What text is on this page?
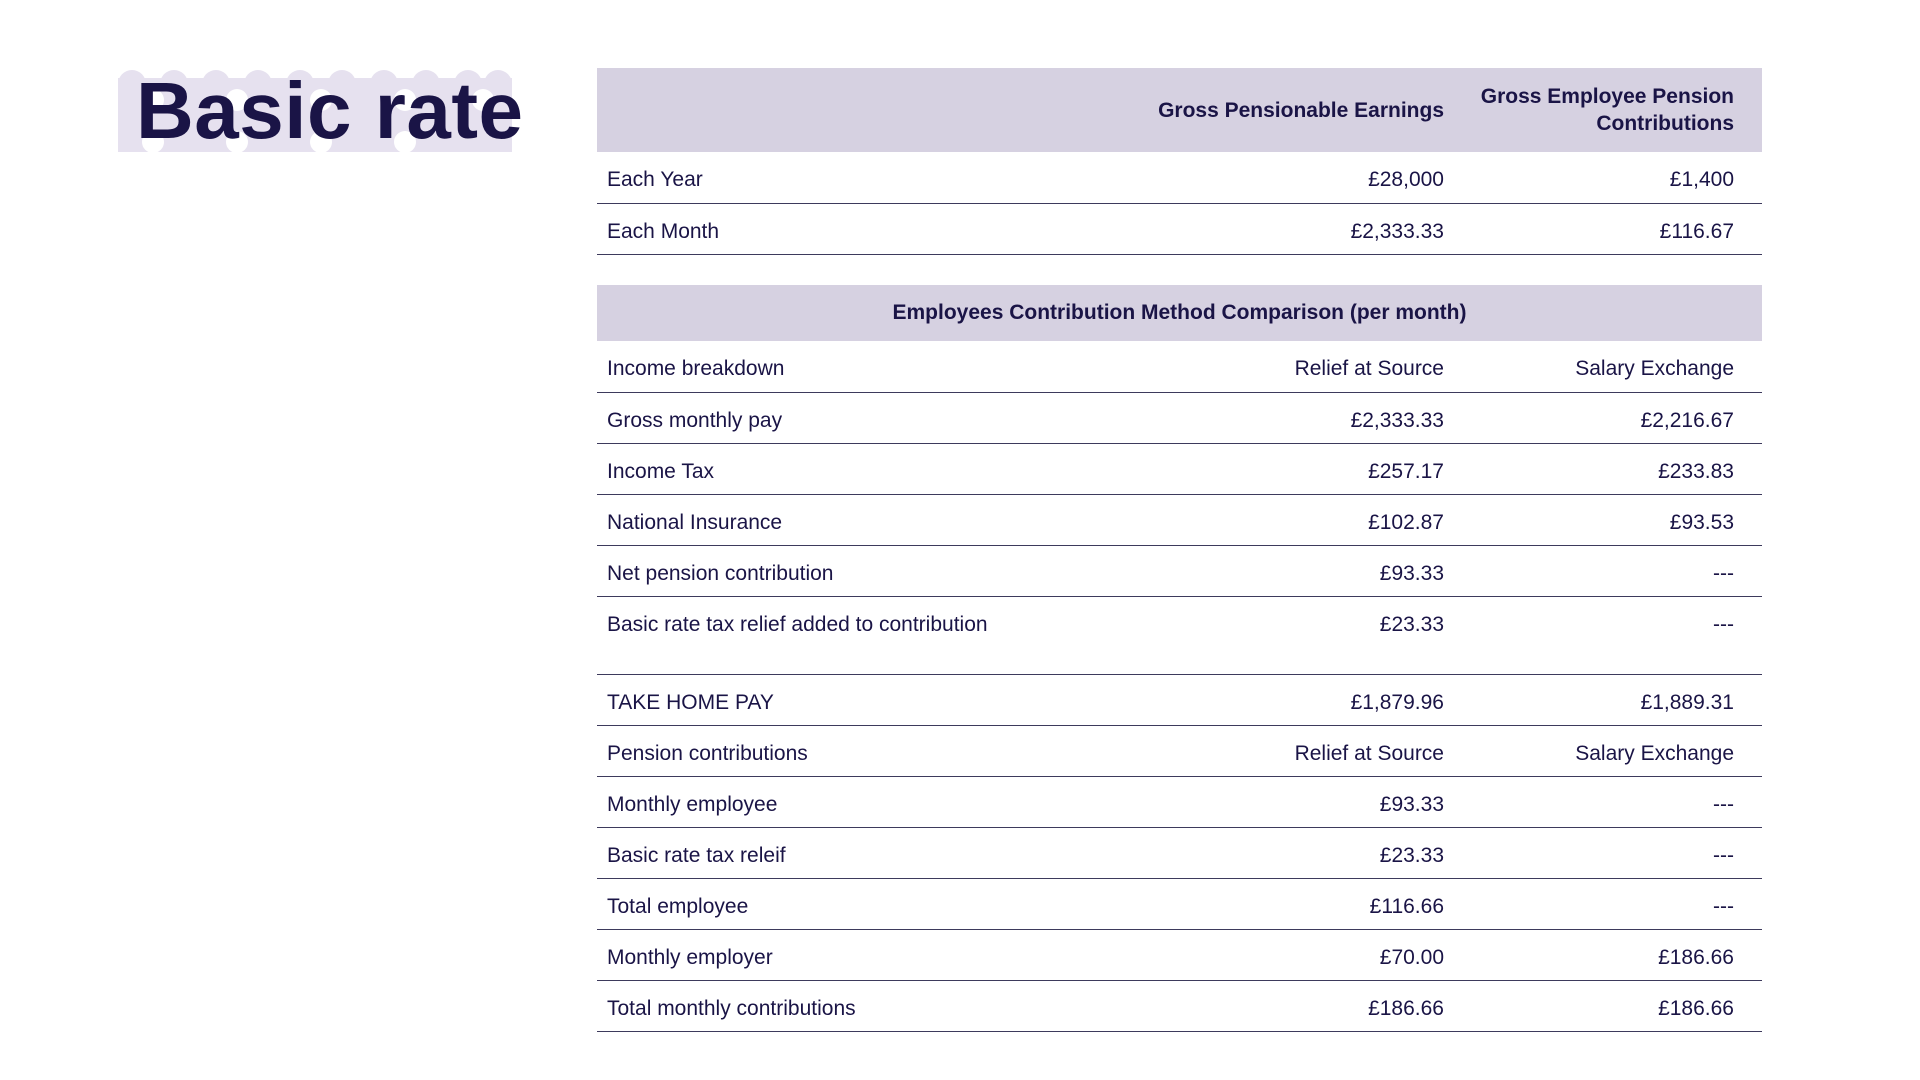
Basic rate
		Gross Pensionable Earnings	Gross Employee Pension Contributions
Each Year	£28,000	£1,400
Each Month	£2,333.33	£116.67
Employees Contribution Method Comparison (per month)		
Income breakdown	Relief at Source	Salary Exchange
Gross monthly pay	£2,333.33	£2,216.67
Income Tax	£257.17	£233.83
National Insurance	£102.87	£93.53
Net pension contribution	£93.33	---
Basic rate tax relief added to contribution	£23.33	---
TAKE HOME PAY	£1,879.96	£1,889.31
Pension contributions	Relief at Source	Salary Exchange
Monthly employee	£93.33	---
Basic rate tax releif	£23.33	---
Total employee	£116.66	---
Monthly employer	£70.00	£186.66
Total monthly contributions	£186.66	£186.66
